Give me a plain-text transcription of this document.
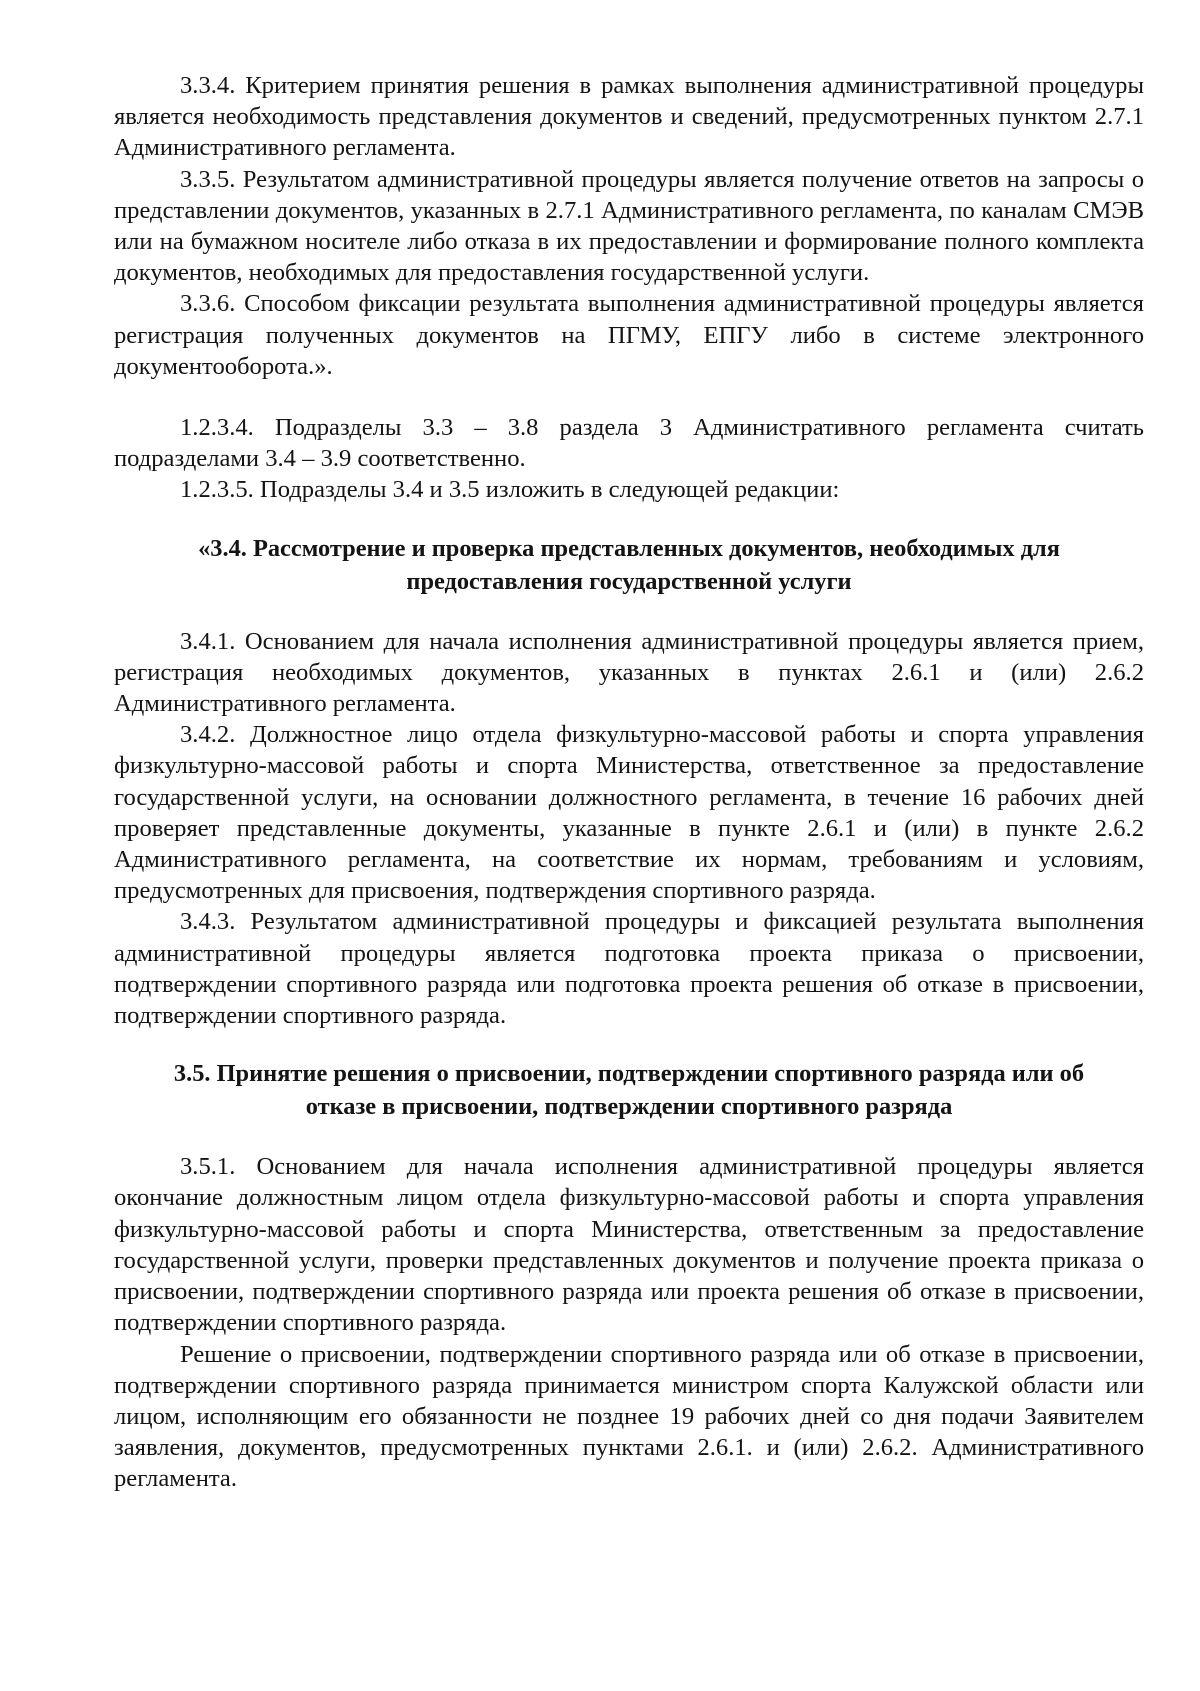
3.3.4. Критерием принятия решения в рамках выполнения административной процедуры является необходимость представления документов и сведений, предусмотренных пунктом 2.7.1 Административного регламента.

3.3.5. Результатом административной процедуры является получение ответов на запросы о представлении документов, указанных в 2.7.1 Административного регламента, по каналам СМЭВ или на бумажном носителе либо отказа в их предоставлении и формирование полного комплекта документов, необходимых для предоставления государственной услуги.

3.3.6. Способом фиксации результата выполнения административной процедуры является регистрация полученных документов на ПГМУ, ЕПГУ либо в системе электронного документооборота.».

1.2.3.4. Подразделы 3.3 – 3.8 раздела 3 Административного регламента считать подразделами 3.4 – 3.9 соответственно.

1.2.3.5. Подразделы 3.4 и 3.5 изложить в следующей редакции:

«3.4. Рассмотрение и проверка представленных документов, необходимых для
предоставления государственной услуги

3.4.1. Основанием для начала исполнения административной процедуры является прием, регистрация необходимых документов, указанных в пунктах 2.6.1 и (или) 2.6.2 Административного регламента.

3.4.2. Должностное лицо отдела физкультурно-массовой работы и спорта управления физкультурно-массовой работы и спорта Министерства, ответственное за предоставление государственной услуги, на основании должностного регламента, в течение 16 рабочих дней проверяет представленные документы, указанные в пункте 2.6.1 и (или) в пункте 2.6.2 Административного регламента, на соответствие их нормам, требованиям и условиям, предусмотренных для присвоения, подтверждения спортивного разряда.

3.4.3. Результатом административной процедуры и фиксацией результата выполнения административной процедуры является подготовка проекта приказа о присвоении, подтверждении спортивного разряда или подготовка проекта решения об отказе в присвоении, подтверждении спортивного разряда.

3.5. Принятие решения о присвоении, подтверждении спортивного разряда или об
отказе в присвоении, подтверждении спортивного разряда

3.5.1. Основанием для начала исполнения административной процедуры является окончание должностным лицом отдела физкультурно-массовой работы и спорта управления физкультурно-массовой работы и спорта Министерства, ответственным за предоставление государственной услуги, проверки представленных документов и получение проекта приказа о присвоении, подтверждении спортивного разряда или проекта решения об отказе в присвоении, подтверждении спортивного разряда.

Решение о присвоении, подтверждении спортивного разряда или об отказе в присвоении, подтверждении спортивного разряда принимается министром спорта Калужской области или лицом, исполняющим его обязанности не позднее 19 рабочих дней со дня подачи Заявителем заявления, документов, предусмотренных пунктами 2.6.1. и (или) 2.6.2. Административного регламента.
